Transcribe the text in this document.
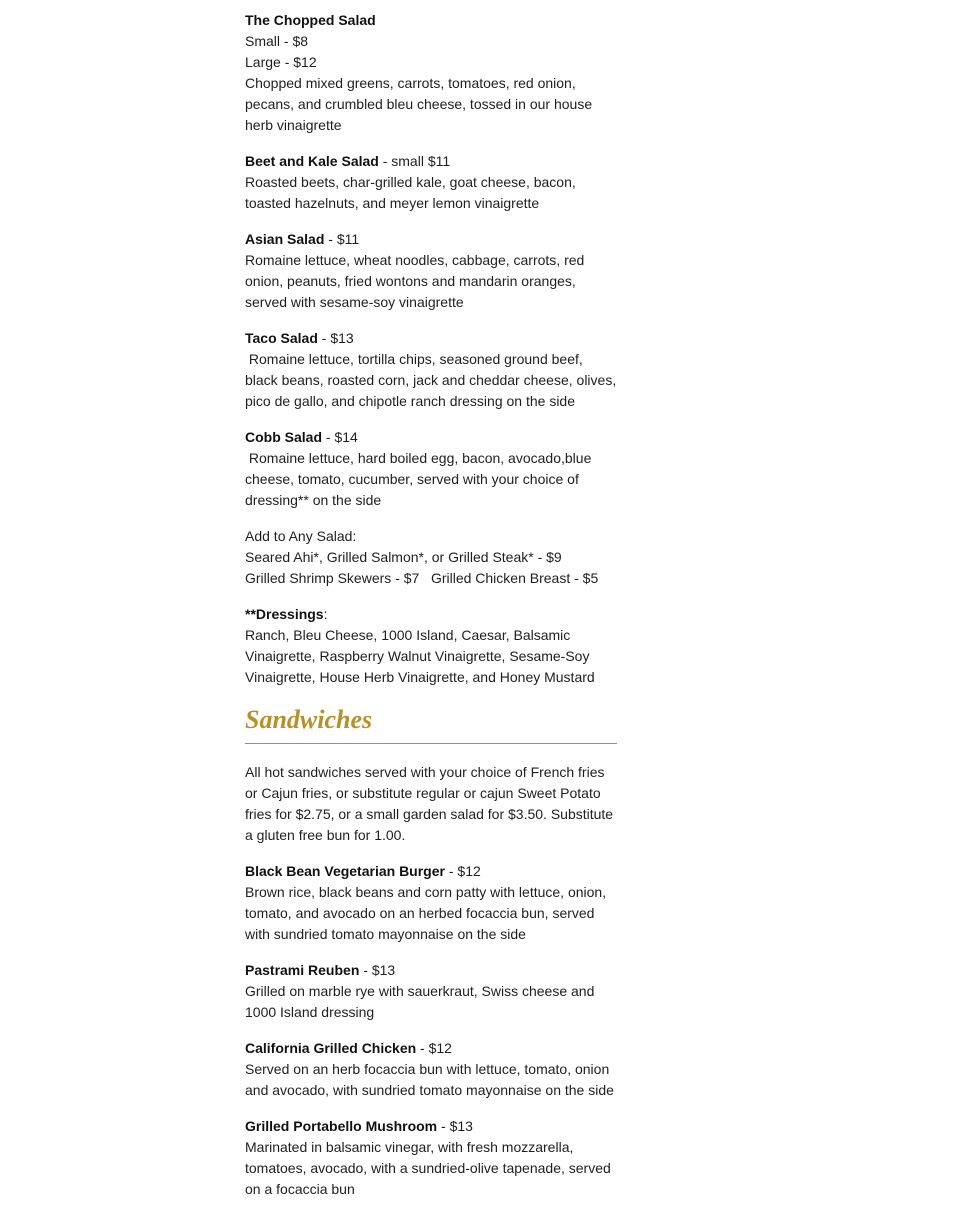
The Chopped Salad

Small - $8

Large - $12

Chopped mixed greens, carrots, tomatoes, red onion, pecans, and crumbled bleu cheese, tossed in our house herb vinaigrette

Beet and Kale Salad - small $11

Roasted beets, char-grilled kale, goat cheese, bacon, toasted hazelnuts, and meyer lemon vinaigrette

Asian Salad - $11

Romaine lettuce, wheat noodles, cabbage, carrots, red onion, peanuts, fried wontons and mandarin oranges, served with sesame-soy vinaigrette

Taco Salad - $13

Romaine lettuce, tortilla chips, seasoned ground beef, black beans, roasted corn, jack and cheddar cheese, olives, pico de gallo, and chipotle ranch dressing on the side

Cobb Salad - $14

Romaine lettuce, hard boiled egg, bacon, avocado,blue cheese, tomato, cucumber, served with your choice of dressing** on the side

Add to Any Salad:

Seared Ahi*, Grilled Salmon*, or Grilled Steak* - $9

Grilled Shrimp Skewers - $7   Grilled Chicken Breast - $5

**Dressings:

Ranch, Bleu Cheese, 1000 Island, Caesar, Balsamic Vinaigrette, Raspberry Walnut Vinaigrette, Sesame-Soy Vinaigrette, House Herb Vinaigrette, and Honey Mustard

Sandwiches

All hot sandwiches served with your choice of French fries or Cajun fries, or substitute regular or cajun Sweet Potato fries for $2.75, or a small garden salad for $3.50. Substitute a gluten free bun for 1.00.

Black Bean Vegetarian Burger - $12

Brown rice, black beans and corn patty with lettuce, onion, tomato, and avocado on an herbed focaccia bun, served with sundried tomato mayonnaise on the side

Pastrami Reuben - $13

Grilled on marble rye with sauerkraut, Swiss cheese and 1000 Island dressing

California Grilled Chicken - $12

Served on an herb focaccia bun with lettuce, tomato, onion and avocado, with sundried tomato mayonnaise on the side

Grilled Portabello Mushroom - $13

Marinated in balsamic vinegar, with fresh mozzarella, tomatoes, avocado, with a sundried-olive tapenade, served on a focaccia bun
